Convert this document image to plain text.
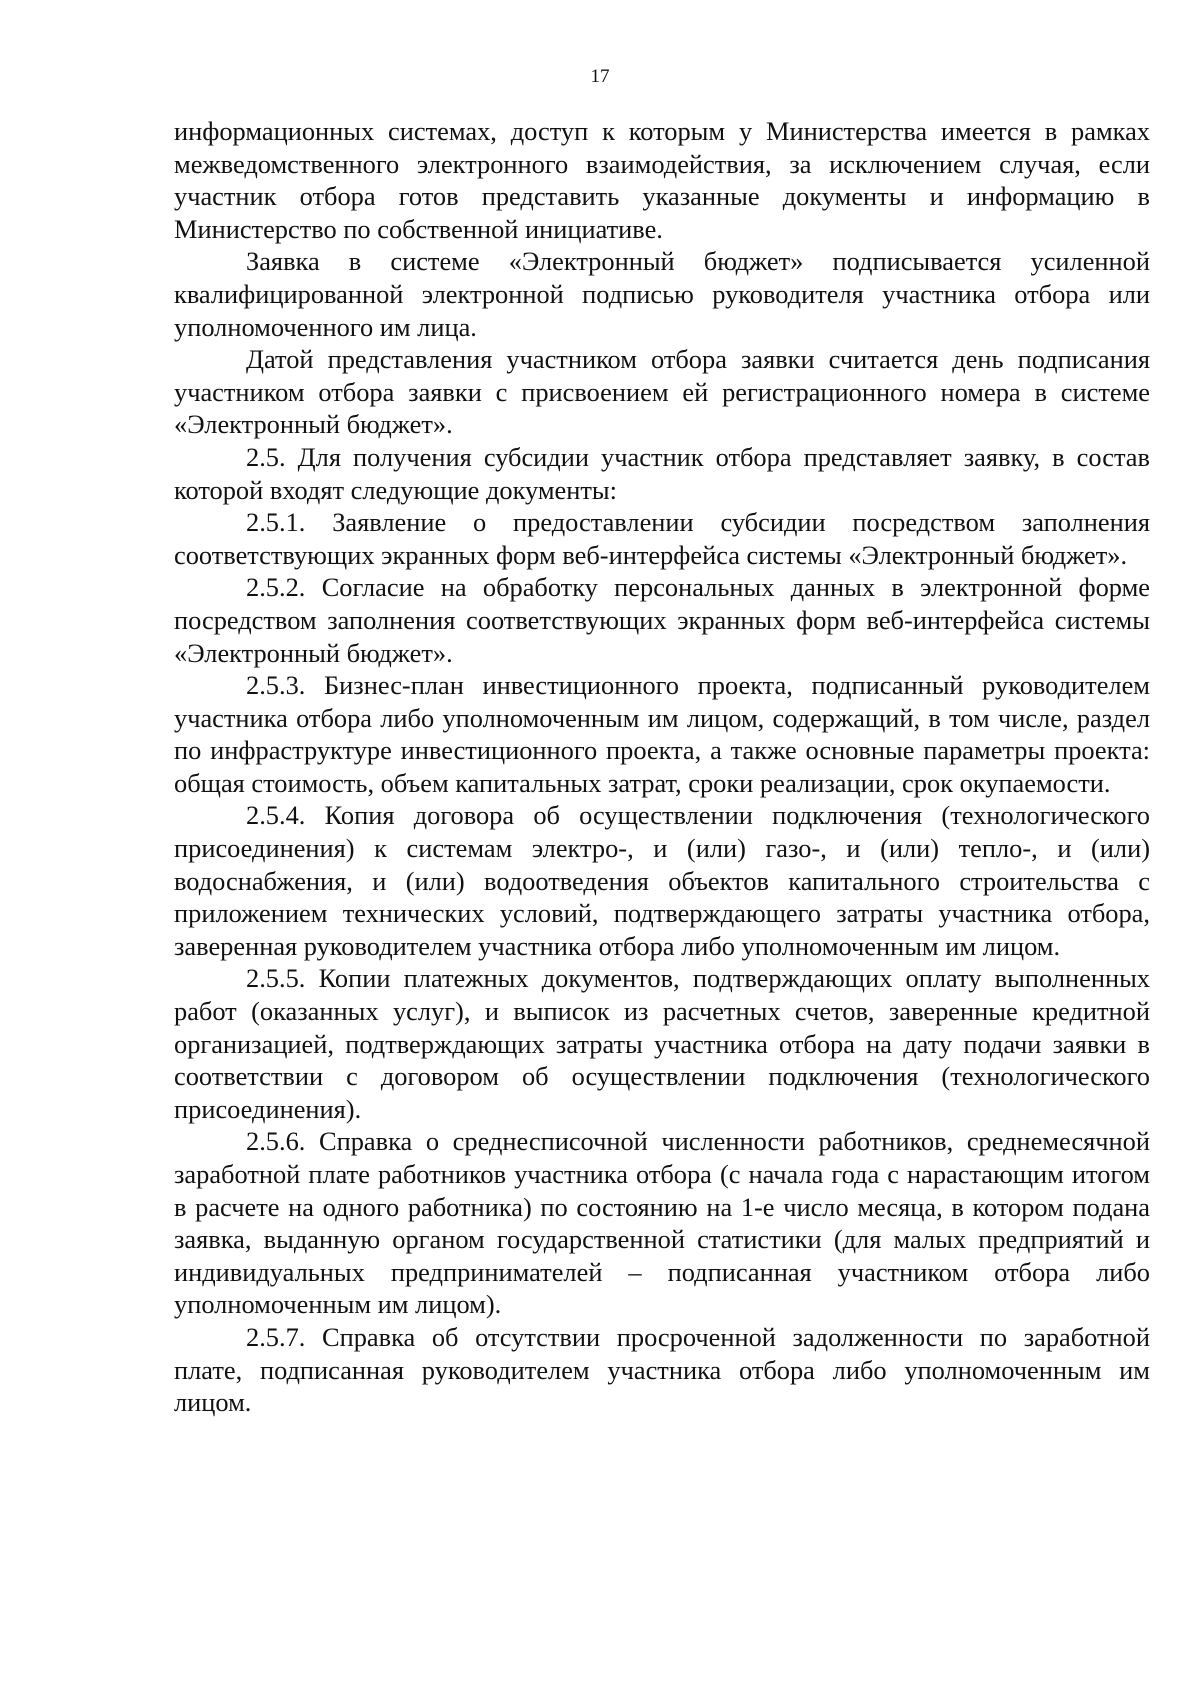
17

информационных системах, доступ к которым у Министерства имеется в рамках межведомственного электронного взаимодействия, за исключением случая, если участник отбора готов представить указанные документы и информацию в Министерство по собственной инициативе.

Заявка в системе «Электронный бюджет» подписывается усиленной квалифицированной электронной подписью руководителя участника отбора или уполномоченного им лица.

Датой представления участником отбора заявки считается день подписания участником отбора заявки с присвоением ей регистрационного номера в системе «Электронный бюджет».

2.5. Для получения субсидии участник отбора представляет заявку, в состав которой входят следующие документы:

2.5.1. Заявление о предоставлении субсидии посредством заполнения соответствующих экранных форм веб-интерфейса системы «Электронный бюджет».

2.5.2. Согласие на обработку персональных данных в электронной форме посредством заполнения соответствующих экранных форм веб-интерфейса системы «Электронный бюджет».

2.5.3. Бизнес-план инвестиционного проекта, подписанный руководителем участника отбора либо уполномоченным им лицом, содержащий, в том числе, раздел по инфраструктуре инвестиционного проекта, а также основные параметры проекта: общая стоимость, объем капитальных затрат, сроки реализации, срок окупаемости.

2.5.4. Копия договора об осуществлении подключения (технологического присоединения) к системам электро-, и (или) газо-, и (или) тепло-, и (или) водоснабжения, и (или) водоотведения объектов капитального строительства с приложением технических условий, подтверждающего затраты участника отбора, заверенная руководителем участника отбора либо уполномоченным им лицом.

2.5.5. Копии платежных документов, подтверждающих оплату выполненных работ (оказанных услуг), и выписок из расчетных счетов, заверенные кредитной организацией, подтверждающих затраты участника отбора на дату подачи заявки в соответствии с договором об осуществлении подключения (технологического присоединения).

2.5.6. Справка о среднесписочной численности работников, среднемесячной заработной плате работников участника отбора (с начала года с нарастающим итогом в расчете на одного работника) по состоянию на 1-е число месяца, в котором подана заявка, выданную органом государственной статистики (для малых предприятий и индивидуальных предпринимателей – подписанная участником отбора либо уполномоченным им лицом).

2.5.7. Справка об отсутствии просроченной задолженности по заработной плате, подписанная руководителем участника отбора либо уполномоченным им лицом.
